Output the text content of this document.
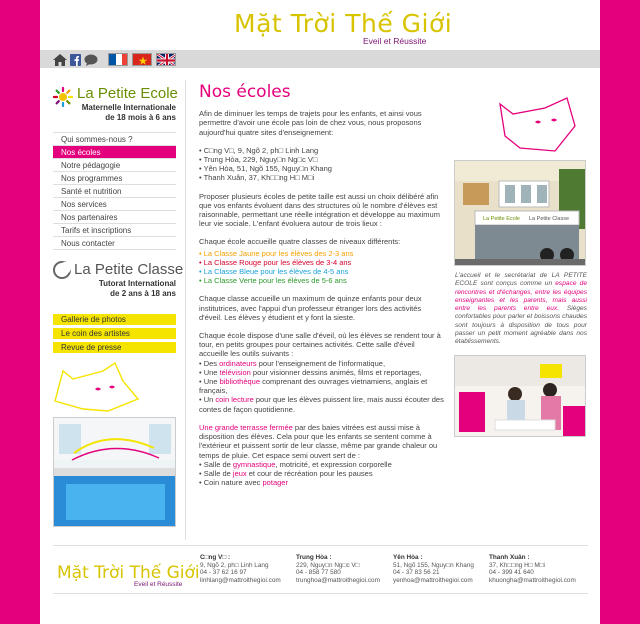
Mặt Trời Thế Giới
Eveil et Réussite
La Petite Ecole
Maternelle Internationale
de 18 mois à 6 ans
Qui sommes-nous ?
Nos écoles
Notre pédagogie
Nos programmes
Santé et nutrition
Nos services
Nos partenaires
Tarifs et inscriptions
Nous contacter
La Petite Classe
Tutorat International
de 2 ans à 18 ans
Gallerie de photos
Le coin des artistes
Revue de presse
Nos écoles

Afin de diminuer les temps de trajets pour les enfants, et ainsi vous permettre d'avoir une école pas loin de chez vous, nous proposons aujourd'hui quatre sites d'enseignement:

• C□ng V□, 9, Ngõ 2, ph□ Linh Lang
• Trung Hòa, 229, Nguy□n Ng□c V□
• Yên Hòa, 51, Ngõ 155, Nguy□n Khang
• Thanh Xuân, 37, Kh□□ng H□ M□i

Proposer plusieurs écoles de petite taille est aussi un choix délibéré afin que vos enfants évoluent dans des structures où le nombre d'élèves est raisonnable, permettant une réelle intégration et développe au maximum leur vie sociale. L'enfant évoluera autour de trois lieux :

Chaque école accueille quatre classes de niveaux différents:

• La Classe Jaune pour les élèves des 2-3 ans
• La Classe Rouge pour les élèves de 3-4 ans
• La Classe Bleue pour les élèves de 4-5 ans
• La Classe Verte pour les élèves de 5-6 ans

Chaque classe accueille un maximum de quinze enfants pour deux institutrices, avec l'appui d'un professeur étranger lors des activités d'éveil. Les élèves y étudient et y font la sieste.

Chaque école dispose d'une salle d'éveil, où les élèves se rendent tour à tour, en petits groupes pour certaines activités. Cette salle d'éveil accueille les outils suivants :

• Des ordinateurs pour l'enseignement de l'informatique,
• Une télévision pour visionner dessins animés, films et reportages,
• Une bibliothèque comprenant des ouvrages vietnamiens, anglais et français,
• Un coin lecture pour que les élèves puissent lire, mais aussi écouter des contes de façon quotidienne.

Une grande terrasse fermée par des baies vitrées est aussi mise à disposition des élèves. Cela pour que les enfants se sentent comme à l'extérieur et puissent sortir de leur classe, même par grande chaleur ou temps de pluie. Cet espace semi ouvert sert de :

• Salle de gymnastique, motricité, et expression corporelle
• Salle de jeux et cour de récréation pour les pauses
• Coin nature avec potager
La Petite Ecole La Petite Classe

L'accueil et le secrétariat de LA PETITE ECOLE sont conçus comme un espace de rencontres et d'échanges, entre les équipes enseignantes et les parents, mais aussi entre les parents entre eux. Sièges confortables pour parler et boissons chaudes sont toujours à disposition de tous pour passer un petit moment agréable dans nos établissements.

Mặt Trời Thế Giới
Eveil et Réussite
C□ng V□ :
9, Ngõ 2, ph□ Linh Lang
04 - 37 62 16 97
linhlang@mattroithegioi.com
Trung Hòa :
229, Nguy□n Ng□c V□
04 - 858 77 580
trunghoa@mattroithegioi.com
Yên Hòa :
51, Ngõ 155, Nguy□n Khang
04 - 37 83 56 21
yenhoa@mattroithegioi.com
Thanh Xuân :
37, Kh□□ng H□ M□i
04 - 399 41 640
khuongha@mattroithegioi.com
